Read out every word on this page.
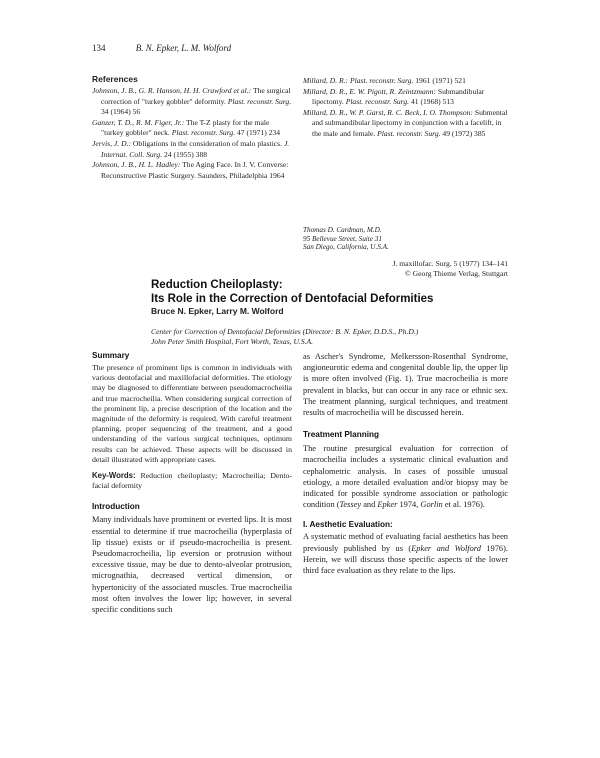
134	B. N. Epker, L. M. Wolford
References

Johnson, J. B., G. R. Hanson, H. H. Crawford et al.: The surgical correction of "turkey gobbler" deformity. Plast. reconstr. Surg. 34 (1964) 56

Ganzer, T. D., R. M. Figer, Jr.: The T-Z plasty for the male "turkey gobbler" neck. Plast. reconstr. Surg. 47 (1971) 234

Jervis, J. D.: Obligations in the consideration of malo plastics. J. Internat. Coll. Surg. 24 (1955) 388

Johnson, J. B., H. L. Hadley: The Aging Face. In J. V. Converse: Reconstructive Plastic Surgery. Saunders, Philadelphia 1964

Millard, D. R.: Plast. reconstr. Surg. 1961 (1971) 521

Millard, D. R., E. W. Pigott, R. Zeintzmann: Submandibular lipectomy. Plast. reconstr. Surg. 41 (1968) 513

Millard, D. R., W. P. Garst, R. C. Beck, I. O. Thompson: Submental and submandibular lipectomy in conjunction with a facelift, in the male and female. Plast. reconstr. Surg. 49 (1972) 385

Thomas D. Cardman, M.D.
95 Bellevue Street, Suite 31
San Diego, California, U.S.A.
J. maxillofac. Surg. 5 (1977) 134–141
© Georg Thieme Verlag, Stuttgart
Reduction Cheiloplasty:
Its Role in the Correction of Dentofacial Deformities
Bruce N. Epker, Larry M. Wolford
Center for Correction of Dentofacial Deformities (Director: B. N. Epker, D.D.S., Ph.D.)
John Peter Smith Hospital, Fort Worth, Texas, U.S.A.
Summary

The presence of prominent lips is common in individuals with various dentofacial and maxillofacial deformities. The etiology may be diagnosed to differentiate between pseudomacrocheilia and true macrocheilia. When considering surgical correction of the prominent lip, a precise description of the location and the magnitude of the deformity is required. With careful treatment planning, proper sequencing of the treatment, and a good understanding of the various surgical techniques, optimum results can be achieved. These aspects will be discussed in detail illustrated with appropriate cases.

Key-Words: Reduction cheiloplasty; Macrocheilia; Dento-facial deformity

Introduction

Many individuals have prominent or everted lips. It is most essential to determine if true macrocheilia (hyperplasia of lip tissue) exists or if pseudo-macrocheilia is present. Pseudomacrocheilia, lip eversion or protrusion without excessive tissue, may be due to dento-alveolar protrusion, micrognathia, decreased vertical dimension, or hypertonicity of the associated muscles. True macrocheilia most often involves the lower lip; however, in several specific conditions such

as Ascher's Syndrome, Melkersson-Rosenthal Syndrome, angioneurotic edema and congenital double lip, the upper lip is more often involved (Fig. 1). True macrocheilia is more prevalent in blacks, but can occur in any race or ethnic sex. The treatment planning, surgical techniques, and treatment results of macrocheilia will be discussed herein.

Treatment Planning

The routine presurgical evaluation for correction of macrocheilia includes a systematic clinical evaluation and cephalometric analysis. In cases of possible unusual etiology, a more detailed evaluation and/or biopsy may be indicated for possible syndrome association or pathologic condition (Tessey and Epker 1974, Gorlin et al. 1976).

I. Aesthetic Evaluation:

A systematic method of evaluating facial aesthetics has been previously published by us (Epker and Wolford 1976). Herein, we will discuss those specific aspects of the lower third face evaluation as they relate to the lips.
